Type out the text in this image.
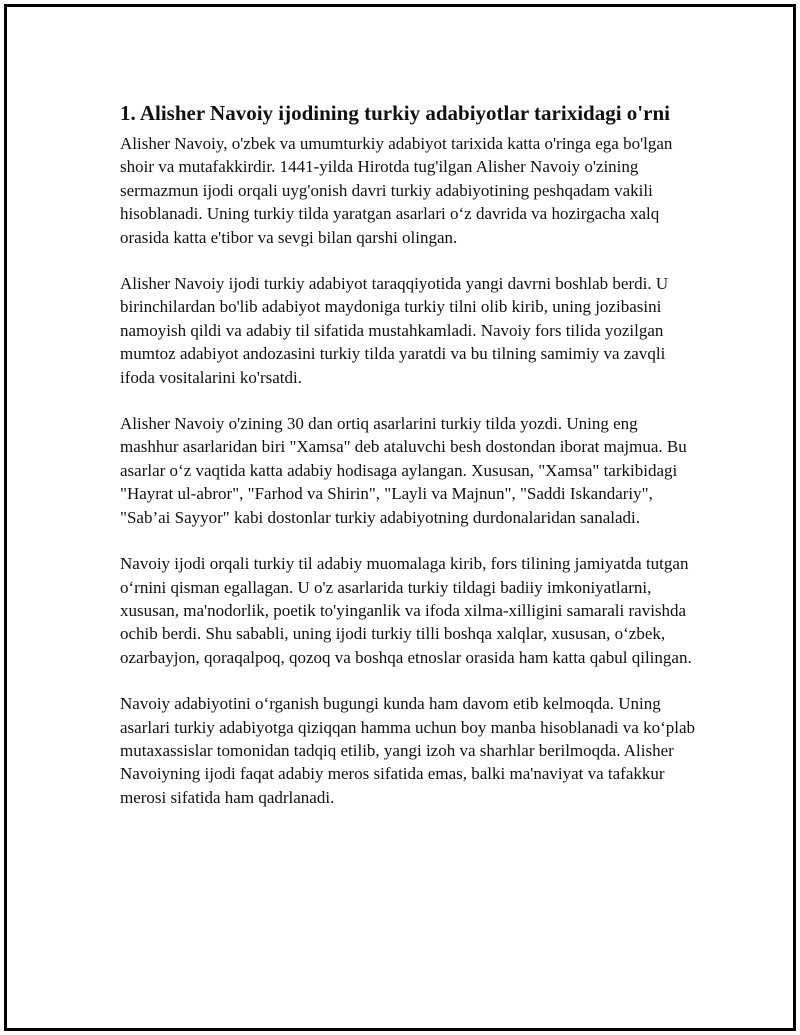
1. Alisher Navoiy ijodining turkiy adabiyotlar tarixidagi o'rni

Alisher Navoiy, o'zbek va umumturkiy adabiyot tarixida katta o'ringa ega bo'lgan shoir va mutafakkirdir. 1441-yilda Hirotda tug'ilgan Alisher Navoiy o'zining sermazmun ijodi orqali uyg'onish davri turkiy adabiyotining peshqadam vakili hisoblanadi. Uning turkiy tilda yaratgan asarlari o‘z davrida va hozirgacha xalq orasida katta e'tibor va sevgi bilan qarshi olingan.

Alisher Navoiy ijodi turkiy adabiyot taraqqiyotida yangi davrni boshlab berdi. U birinchilardan bo'lib adabiyot maydoniga turkiy tilni olib kirib, uning jozibasini namoyish qildi va adabiy til sifatida mustahkamladi. Navoiy fors tilida yozilgan mumtoz adabiyot andozasini turkiy tilda yaratdi va bu tilning samimiy va zavqli ifoda vositalarini ko'rsatdi.

Alisher Navoiy o'zining 30 dan ortiq asarlarini turkiy tilda yozdi. Uning eng mashhur asarlaridan biri "Xamsa" deb ataluvchi besh dostondan iborat majmua. Bu asarlar o‘z vaqtida katta adabiy hodisaga aylangan. Xususan, "Xamsa" tarkibidagi "Hayrat ul-abror", "Farhod va Shirin", "Layli va Majnun", "Saddi Iskandariy", "Sab’ai Sayyor" kabi dostonlar turkiy adabiyotning durdonalaridan sanaladi.

Navoiy ijodi orqali turkiy til adabiy muomalaga kirib, fors tilining jamiyatda tutgan o‘rnini qisman egallagan. U o'z asarlarida turkiy tildagi badiiy imkoniyatlarni, xususan, ma'nodorlik, poetik to'yinganlik va ifoda xilma-xilligini samarali ravishda ochib berdi. Shu sababli, uning ijodi turkiy tilli boshqa xalqlar, xususan, o‘zbek, ozarbayjon, qoraqalpoq, qozoq va boshqa etnoslar orasida ham katta qabul qilingan.

Navoiy adabiyotini o‘rganish bugungi kunda ham davom etib kelmoqda. Uning asarlari turkiy adabiyotga qiziqqan hamma uchun boy manba hisoblanadi va ko‘plab mutaxassislar tomonidan tadqiq etilib, yangi izoh va sharhlar berilmoqda. Alisher Navoiyning ijodi faqat adabiy meros sifatida emas, balki ma'naviyat va tafakkur merosi sifatida ham qadrlanadi.
